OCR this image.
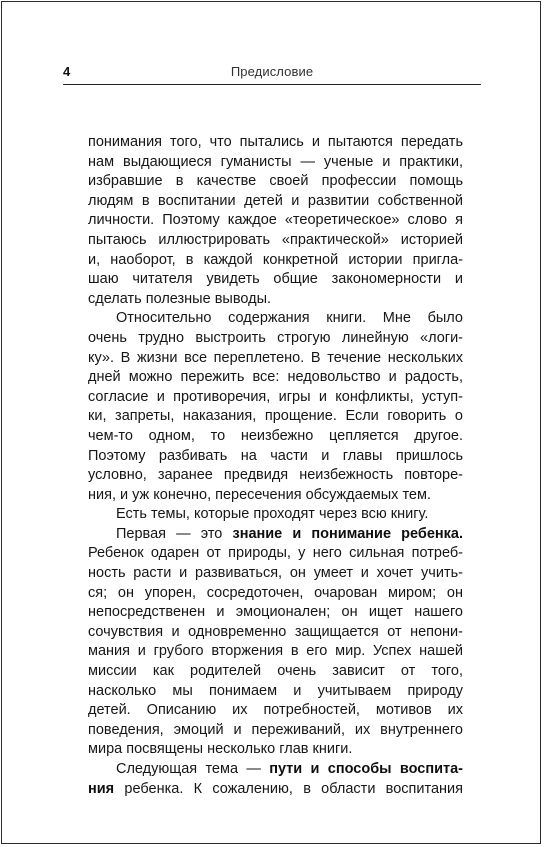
4	Предисловие
понимания того, что пытались и пытаются передать
нам выдающиеся гуманисты — ученые и практики,
избравшие в качестве своей профессии помощь
людям в воспитании детей и развитии собственной
личности. Поэтому каждое «теоретическое» слово я
пытаюсь иллюстрировать «практической» историей
и, наоборот, в каждой конкретной истории пригла-
шаю читателя увидеть общие закономерности и
сделать полезные выводы.
Относительно содержания книги. Мне было
очень трудно выстроить строгую линейную «логи-
ку». В жизни все переплетено. В течение нескольких
дней можно пережить все: недовольство и радость,
согласие и противоречия, игры и конфликты, уступ-
ки, запреты, наказания, прощение. Если говорить о
чем-то одном, то неизбежно цепляется другое.
Поэтому разбивать на части и главы пришлось
условно, заранее предвидя неизбежность повторе-
ния, и уж конечно, пересечения обсуждаемых тем.
Есть темы, которые проходят через всю книгу.
Первая — это знание и понимание ребенка.
Ребенок одарен от природы, у него сильная потреб-
ность расти и развиваться, он умеет и хочет учить-
ся; он упорен, сосредоточен, очарован миром; он
непосредственен и эмоционален; он ищет нашего
сочувствия и одновременно защищается от непони-
мания и грубого вторжения в его мир. Успех нашей
миссии как родителей очень зависит от того,
насколько мы понимаем и учитываем природу
детей. Описанию их потребностей, мотивов их
поведения, эмоций и переживаний, их внутреннего
мира посвящены несколько глав книги.
Следующая тема — пути и способы воспита-
ния ребенка. К сожалению, в области воспитания
